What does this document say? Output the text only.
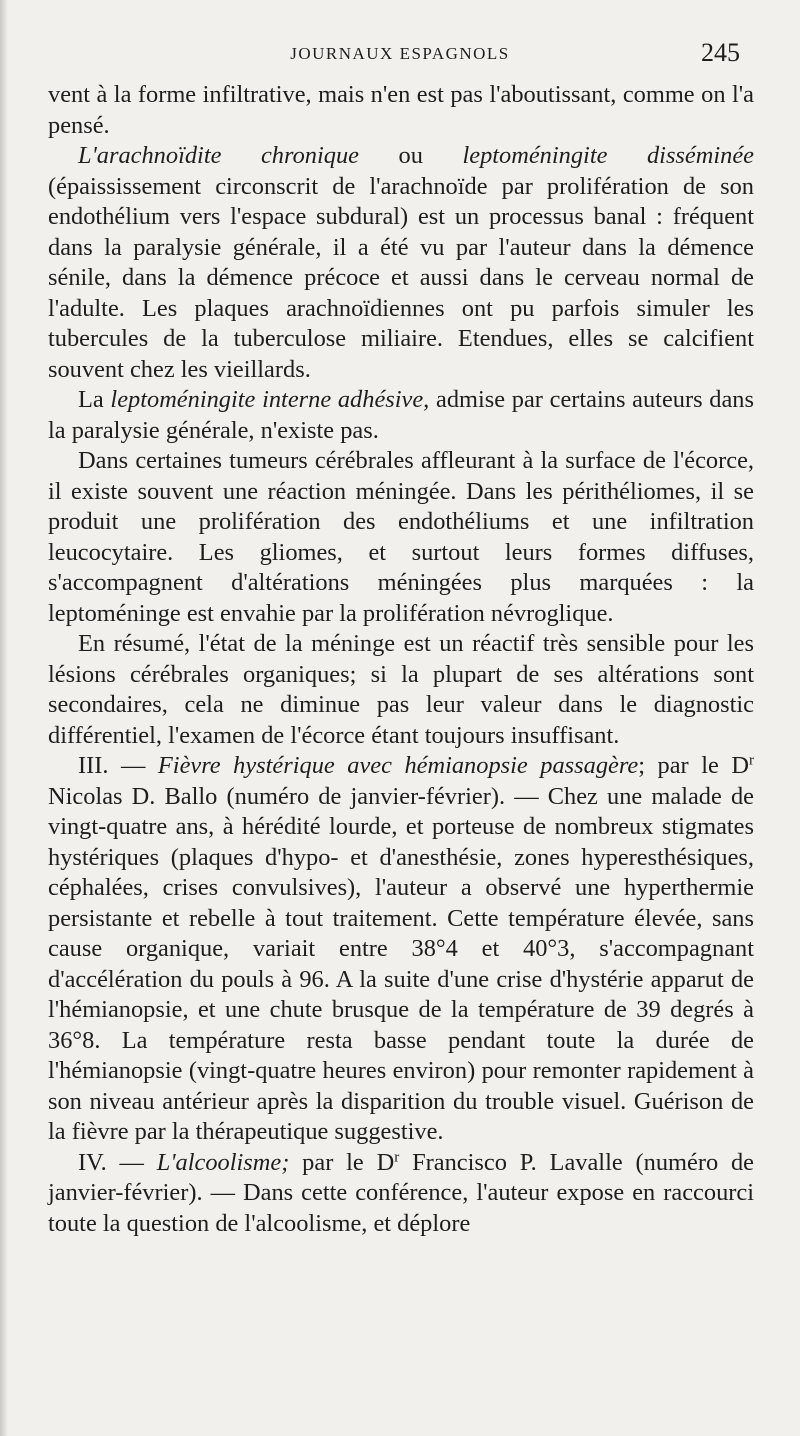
JOURNAUX ESPAGNOLS	245

vent à la forme infiltrative, mais n'en est pas l'aboutissant, comme on l'a pensé.

L'arachnoïdite chronique ou leptoméningite disséminée (épaississement circonscrit de l'arachnoïde par prolifération de son endothélium vers l'espace subdural) est un processus banal : fréquent dans la paralysie générale, il a été vu par l'auteur dans la démence sénile, dans la démence précoce et aussi dans le cerveau normal de l'adulte. Les plaques arachnoïdiennes ont pu parfois simuler les tubercules de la tuberculose miliaire. Etendues, elles se calcifient souvent chez les vieillards.

La leptoméningite interne adhésive, admise par certains auteurs dans la paralysie générale, n'existe pas.

Dans certaines tumeurs cérébrales affleurant à la surface de l'écorce, il existe souvent une réaction méningée. Dans les périthéliomes, il se produit une prolifération des endothéliums et une infiltration leucocytaire. Les gliomes, et surtout leurs formes diffuses, s'accompagnent d'altérations méningées plus marquées : la leptoméninge est envahie par la prolifération névroglique.

En résumé, l'état de la méninge est un réactif très sensible pour les lésions cérébrales organiques; si la plupart de ses altérations sont secondaires, cela ne diminue pas leur valeur dans le diagnostic différentiel, l'examen de l'écorce étant toujours insuffisant.

III. — Fièvre hystérique avec hémianopsie passagère; par le $D^r$ Nicolas D. Ballo (numéro de janvier-février). — Chez une malade de vingt-quatre ans, à hérédité lourde, et porteuse de nombreux stigmates hystériques (plaques d'hypo- et d'anesthésie, zones hyperesthésiques, céphalées, crises convulsives), l'auteur a observé une hyperthermie persistante et rebelle à tout traitement. Cette température élevée, sans cause organique, variait entre 38°4 et 40°3, s'accompagnant d'accélération du pouls à 96. A la suite d'une crise d'hystérie apparut de l'hémianopsie, et une chute brusque de la température de 39 degrés à 36°8. La température resta basse pendant toute la durée de l'hémianopsie (vingt-quatre heures environ) pour remonter rapidement à son niveau antérieur après la disparition du trouble visuel. Guérison de la fièvre par la thérapeutique suggestive.

IV. — L'alcoolisme; par le $D^r$ Francisco P. Lavalle (numéro de janvier-février). — Dans cette conférence, l'auteur expose en raccourci toute la question de l'alcoolisme, et déplore
